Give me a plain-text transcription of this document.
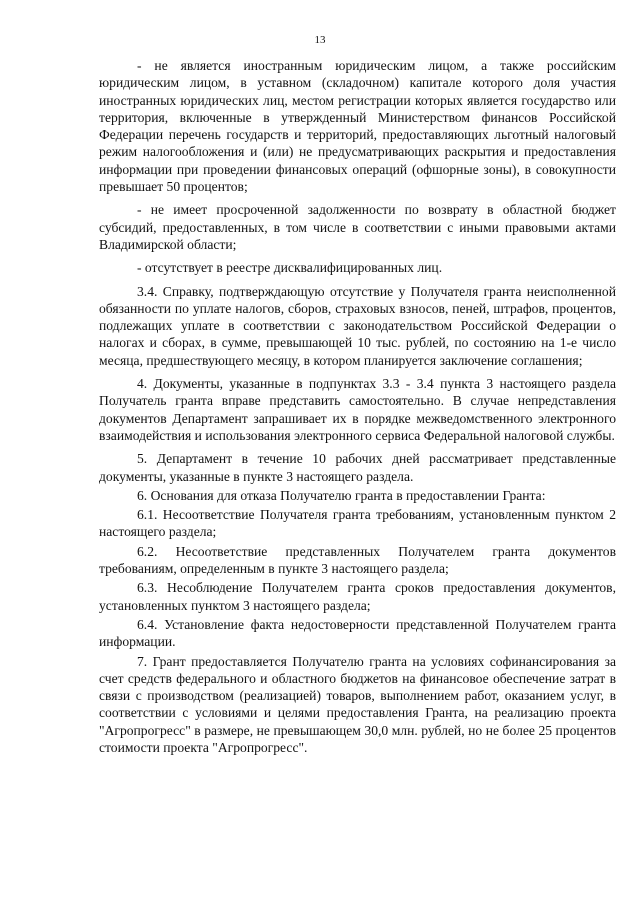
13

- не является иностранным юридическим лицом, а также российским юридическим лицом, в уставном (складочном) капитале которого доля участия иностранных юридических лиц, местом регистрации которых является государство или территория, включенные в утвержденный Министерством финансов Российской Федерации перечень государств и территорий, предоставляющих льготный налоговый режим налогообложения и (или) не предусматривающих раскрытия и предоставления информации при проведении финансовых операций (офшорные зоны), в совокупности превышает 50 процентов;

- не имеет просроченной задолженности по возврату в областной бюджет субсидий, предоставленных, в том числе в соответствии с иными правовыми актами Владимирской области;

- отсутствует в реестре дисквалифицированных лиц.

3.4. Справку, подтверждающую отсутствие у Получателя гранта неисполненной обязанности по уплате налогов, сборов, страховых взносов, пеней, штрафов, процентов, подлежащих уплате в соответствии с законодательством Российской Федерации о налогах и сборах, в сумме, превышающей 10 тыс. рублей, по состоянию на 1-е число месяца, предшествующего месяцу, в котором планируется заключение соглашения;

4. Документы, указанные в подпунктах 3.3 - 3.4 пункта 3 настоящего раздела Получатель гранта вправе представить самостоятельно. В случае непредставления документов Департамент запрашивает их в порядке межведомственного электронного взаимодействия и использования электронного сервиса Федеральной налоговой службы.

5. Департамент в течение 10 рабочих дней рассматривает представленные документы, указанные в пункте 3 настоящего раздела.

6. Основания для отказа Получателю гранта в предоставлении Гранта:

6.1. Несоответствие Получателя гранта требованиям, установленным пунктом 2 настоящего раздела;

6.2. Несоответствие представленных Получателем гранта документов требованиям, определенным в пункте 3 настоящего раздела;

6.3. Несоблюдение Получателем гранта сроков предоставления документов, установленных пунктом 3 настоящего раздела;

6.4. Установление факта недостоверности представленной Получателем гранта информации.

7. Грант предоставляется Получателю гранта на условиях софинансирования за счет средств федерального и областного бюджетов на финансовое обеспечение затрат в связи с производством (реализацией) товаров, выполнением работ, оказанием услуг, в соответствии с условиями и целями предоставления Гранта, на реализацию проекта "Агропрогресс" в размере, не превышающем 30,0 млн. рублей, но не более 25 процентов стоимости проекта "Агропрогресс".
